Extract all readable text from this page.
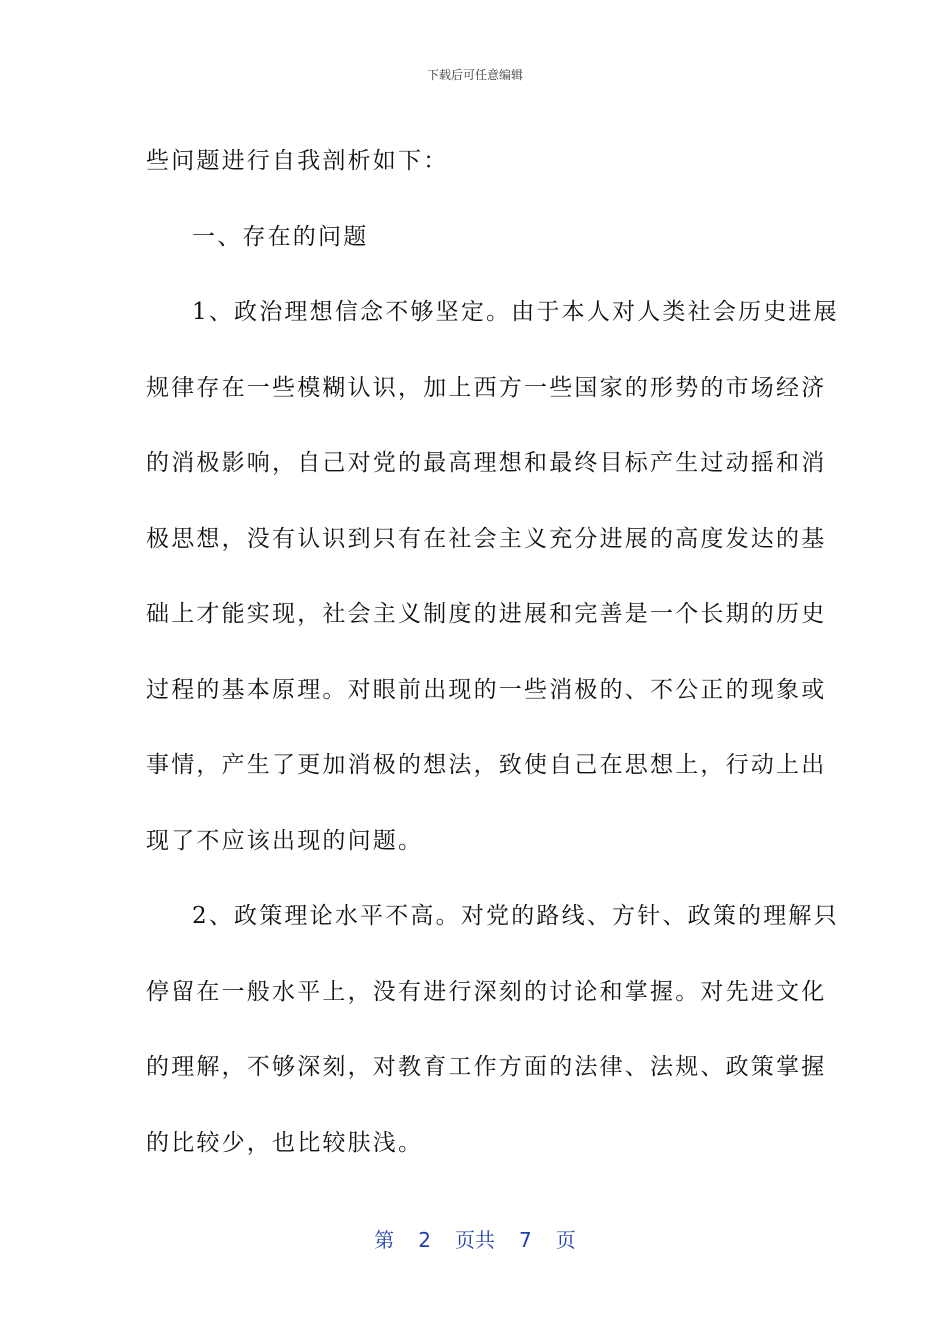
下载后可任意编辑
些问题进行自我剖析如下：
一、存在的问题
1、政治理想信念不够坚定。由于本人对人类社会历史进展
规律存在一些模糊认识，加上西方一些国家的形势的市场经济
的消极影响，自己对党的最高理想和最终目标产生过动摇和消
极思想，没有认识到只有在社会主义充分进展的高度发达的基
础上才能实现，社会主义制度的进展和完善是一个长期的历史
过程的基本原理。对眼前出现的一些消极的、不公正的现象或
事情，产生了更加消极的想法，致使自己在思想上，行动上出
现了不应该出现的问题。
2、政策理论水平不高。对党的路线、方针、政策的理解只
停留在一般水平上，没有进行深刻的讨论和掌握。对先进文化
的理解，不够深刻，对教育工作方面的法律、法规、政策掌握
的比较少，也比较肤浅。
第 2 页共 7 页
